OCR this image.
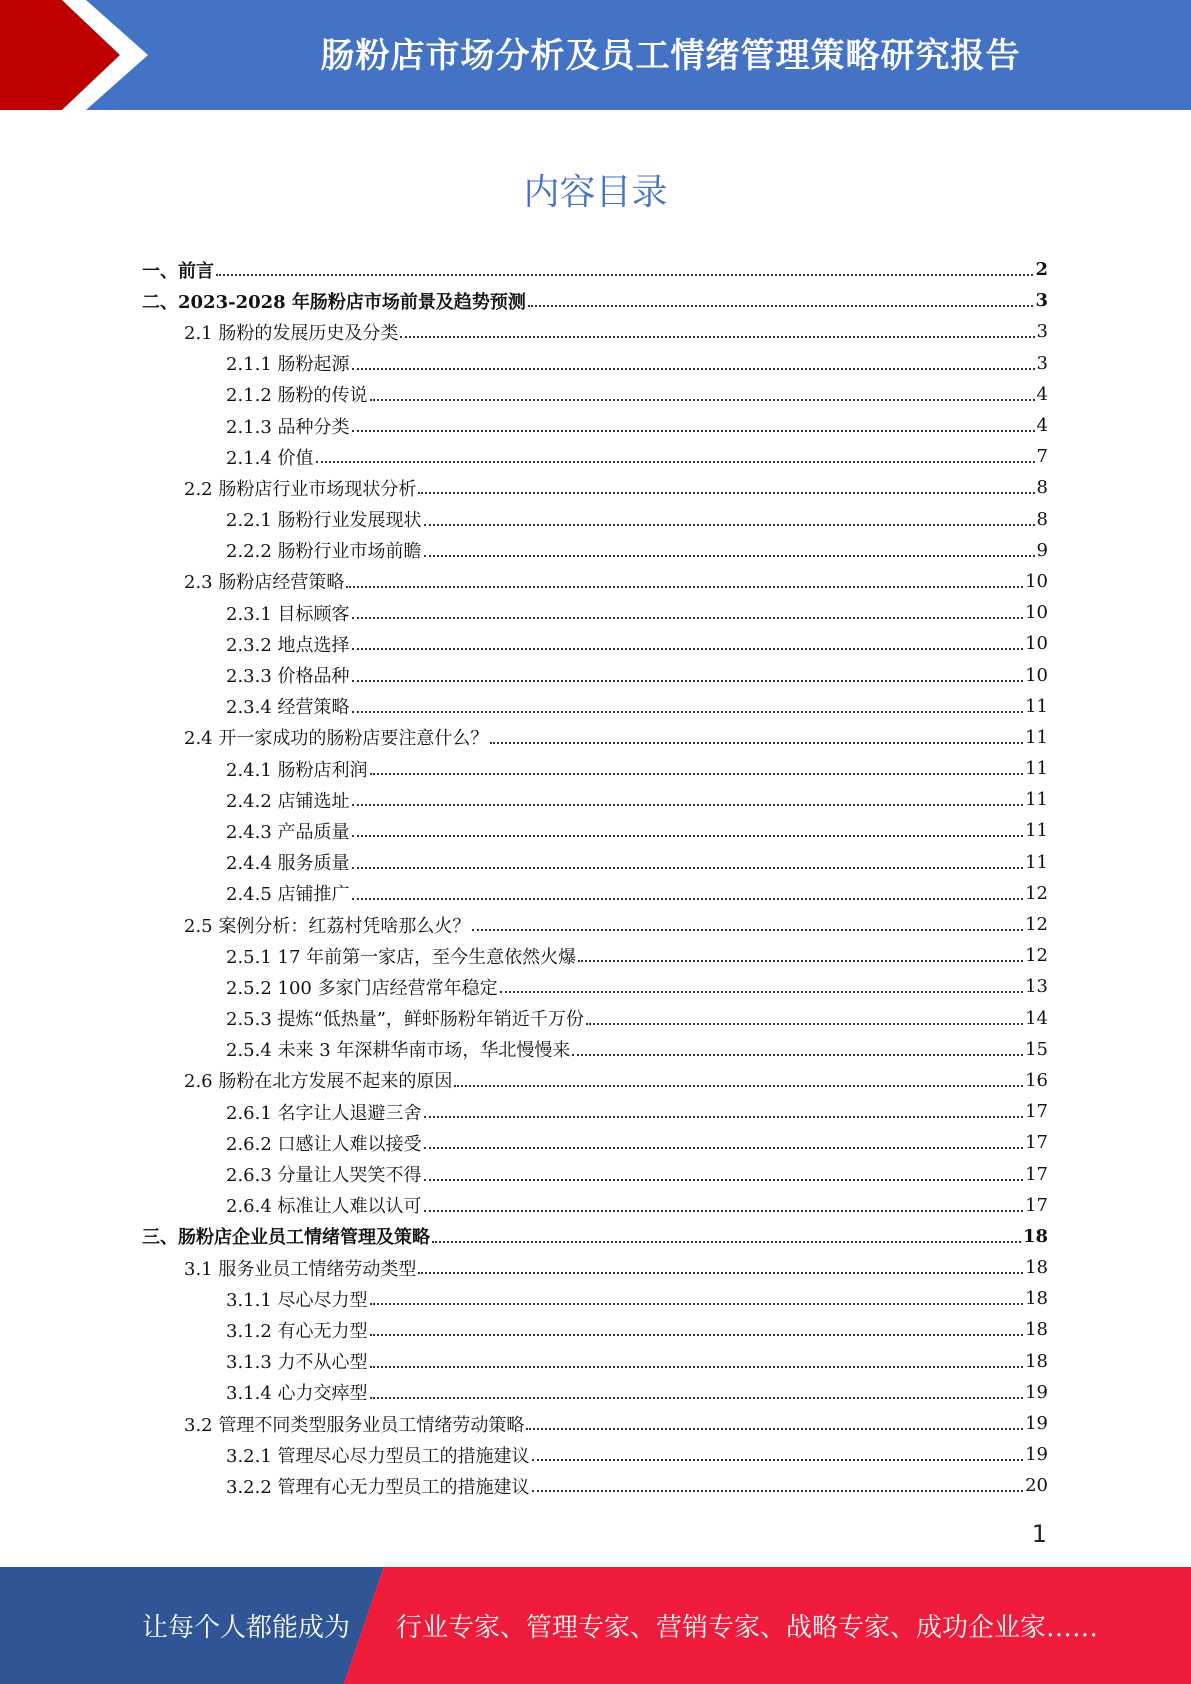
肠粉店市场分析及员工情绪管理策略研究报告
内容目录
一、前言	2
二、2023-2028 年肠粉店市场前景及趋势预测	3
2.1 肠粉的发展历史及分类	3
2.1.1 肠粉起源	3
2.1.2 肠粉的传说	4
2.1.3 品种分类	4
2.1.4 价值	7
2.2 肠粉店行业市场现状分析	8
2.2.1 肠粉行业发展现状	8
2.2.2 肠粉行业市场前瞻	9
2.3 肠粉店经营策略	10
2.3.1 目标顾客	10
2.3.2 地点选择	10
2.3.3 价格品种	10
2.3.4 经营策略	11
2.4 开一家成功的肠粉店要注意什么？	11
2.4.1 肠粉店利润	11
2.4.2 店铺选址	11
2.4.3 产品质量	11
2.4.4 服务质量	11
2.4.5 店铺推广	12
2.5 案例分析：红荔村凭啥那么火？	12
2.5.1 17 年前第一家店，至今生意依然火爆	12
2.5.2 100 多家门店经营常年稳定	13
2.5.3 提炼“低热量”，鲜虾肠粉年销近千万份	14
2.5.4 未来 3 年深耕华南市场，华北慢慢来	15
2.6 肠粉在北方发展不起来的原因	16
2.6.1 名字让人退避三舍	17
2.6.2 口感让人难以接受	17
2.6.3 分量让人哭笑不得	17
2.6.4 标准让人难以认可	17
三、肠粉店企业员工情绪管理及策略	18
3.1 服务业员工情绪劳动类型	18
3.1.1 尽心尽力型	18
3.1.2 有心无力型	18
3.1.3 力不从心型	18
3.1.4 心力交瘁型	19
3.2 管理不同类型服务业员工情绪劳动策略	19
3.2.1 管理尽心尽力型员工的措施建议	19
3.2.2 管理有心无力型员工的措施建议	20
1
让每个人都能成为 行业专家、管理专家、营销专家、战略专家、成功企业家……
